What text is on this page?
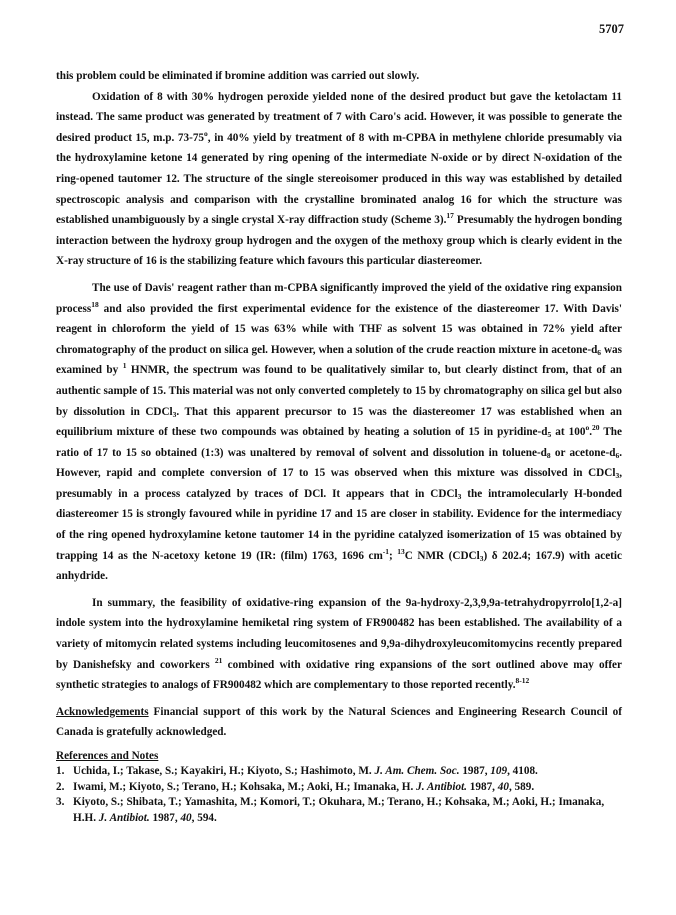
5707

this problem could be eliminated if bromine addition was carried out slowly.

Oxidation of 8 with 30% hydrogen peroxide yielded none of the desired product but gave the ketolactam 11 instead. The same product was generated by treatment of 7 with Caro's acid. However, it was possible to generate the desired product 15, m.p. 73-75$^o$, in 40% yield by treatment of 8 with m-CPBA in methylene chloride presumably via the hydroxylamine ketone 14 generated by ring opening of the intermediate N-oxide or by direct N-oxidation of the ring-opened tautomer 12. The structure of the single stereoisomer produced in this way was established by detailed spectroscopic analysis and comparison with the crystalline brominated analog 16 for which the structure was established unambiguously by a single crystal X-ray diffraction study (Scheme 3).$^{17}$ Presumably the hydrogen bonding interaction between the hydroxy group hydrogen and the oxygen of the methoxy group which is clearly evident in the X-ray structure of 16 is the stabilizing feature which favours this particular diastereomer.

The use of Davis' reagent rather than m-CPBA significantly improved the yield of the oxidative ring expansion process$^{18}$ and also provided the first experimental evidence for the existence of the diastereomer 17. With Davis' reagent in chloroform the yield of 15 was 63% while with THF as solvent 15 was obtained in 72% yield after chromatography of the product on silica gel. However, when a solution of the crude reaction mixture in acetone-$d_6$ was examined by $^1$ HNMR, the spectrum was found to be qualitatively similar to, but clearly distinct from, that of an authentic sample of 15. This material was not only converted completely to 15 by chromatography on silica gel but also by dissolution in CDCl$_3$. That this apparent precursor to 15 was the diastereomer 17 was established when an equilibrium mixture of these two compounds was obtained by heating a solution of 15 in pyridine-$d_5$ at 100$^o$.$^{20}$ The ratio of 17 to 15 so obtained (1:3) was unaltered by removal of solvent and dissolution in toluene-$d_8$ or acetone-$d_6$. However, rapid and complete conversion of 17 to 15 was observed when this mixture was dissolved in CDCl$_3$, presumably in a process catalyzed by traces of DCl. It appears that in CDCl$_3$ the intramolecularly H-bonded diastereomer 15 is strongly favoured while in pyridine 17 and 15 are closer in stability. Evidence for the intermediacy of the ring opened hydroxylamine ketone tautomer 14 in the pyridine catalyzed isomerization of 15 was obtained by trapping 14 as the N-acetoxy ketone 19 (IR: (film) 1763, 1696 $cm^{-1}$; $^{13}$C NMR (CDCl$_3$) δ 202.4; 167.9) with acetic anhydride.

In summary, the feasibility of oxidative-ring expansion of the 9a-hydroxy-2,3,9,9a-tetrahydropyrrolo[1,2-a] indole system into the hydroxylamine hemiketal ring system of FR900482 has been established. The availability of a variety of mitomycin related systems including leucomitosenes and 9,9a-dihydroxyleucomitomycins recently prepared by Danishefsky and coworkers $^{21}$ combined with oxidative ring expansions of the sort outlined above may offer synthetic strategies to analogs of FR900482 which are complementary to those reported recently.$^{8-12}$

Acknowledgements Financial support of this work by the Natural Sciences and Engineering Research Council of Canada is gratefully acknowledged.

References and Notes
1. Uchida, I.; Takase, S.; Kayakiri, H.; Kiyoto, S.; Hashimoto, M. J. Am. Chem. Soc. 1987, 109, 4108.
2. Iwami, M.; Kiyoto, S.; Terano, H.; Kohsaka, M.; Aoki, H.; Imanaka, H. J. Antibiot. 1987, 40, 589.
3. Kiyoto, S.; Shibata, T.; Yamashita, M.; Komori, T.; Okuhara, M.; Terano, H.; Kohsaka, M.; Aoki, H.; Imanaka, H.H. J. Antibiot. 1987, 40, 594.
